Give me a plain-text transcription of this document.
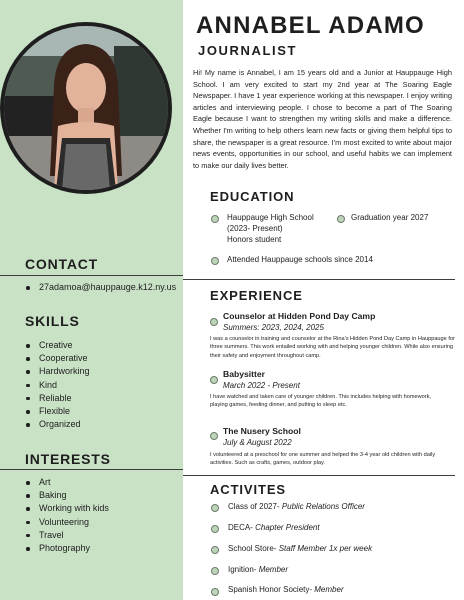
CONTACT
27adamoa@hauppauge.k12.ny.us
SKILLS
Creative
Cooperative
Hardworking
Kind
Reliable
Flexible
Organized
INTERESTS
Art
Baking
Working with kids
Volunteering
Travel
Photography
ANNABEL ADAMO
JOURNALIST

Hi! My name is Annabel, I am 15 years old and a Junior at Hauppauge High School. I am very excited to start my 2nd year at The Soaring Eagle Newspaper. I have 1 year experience working at this newspaper. I enjoy writing articles and interviewing people. I chose to become a part of The Soaring Eagle because I want to strengthen my writing skills and make a difference. Whether I'm writing to help others learn new facts or giving them helpful tips to share, the newspaper is a great resource. I'm most excited to write about major news events, opportunities in our school, and useful habits we can implement to make our daily lives better.

EDUCATION
Hauppauge High School
(2023- Present)
Honors student
Graduation year 2027
Attended Hauppauge schools since 2014
EXPERIENCE
Counselor at Hidden Pond Day Camp
Summers: 2023, 2024, 2025

I was a counselor in training and counselor at the Rina's Hidden Pond Day Camp in Hauppauge for three summers. This work entailed working with and helping younger children. While also ensuring their safety and enjoyment throughout camp.

Babysitter
March 2022 - Present

I have watched and taken care of younger children. This includes helping with homework, playing games, feeding dinner, and putting to sleep etc.

The Nusery School
July & August 2022

I volunteered at a preschool for one summer and helped the 3-4 year old children with daily activities. Such as crafts, games, outdoor play.

ACTIVITES
Class of 2027- Public Relations Officer
DECA- Chapter President
School Store- Staff Member 1x per week
Ignition- Member
Spanish Honor Society- Member
